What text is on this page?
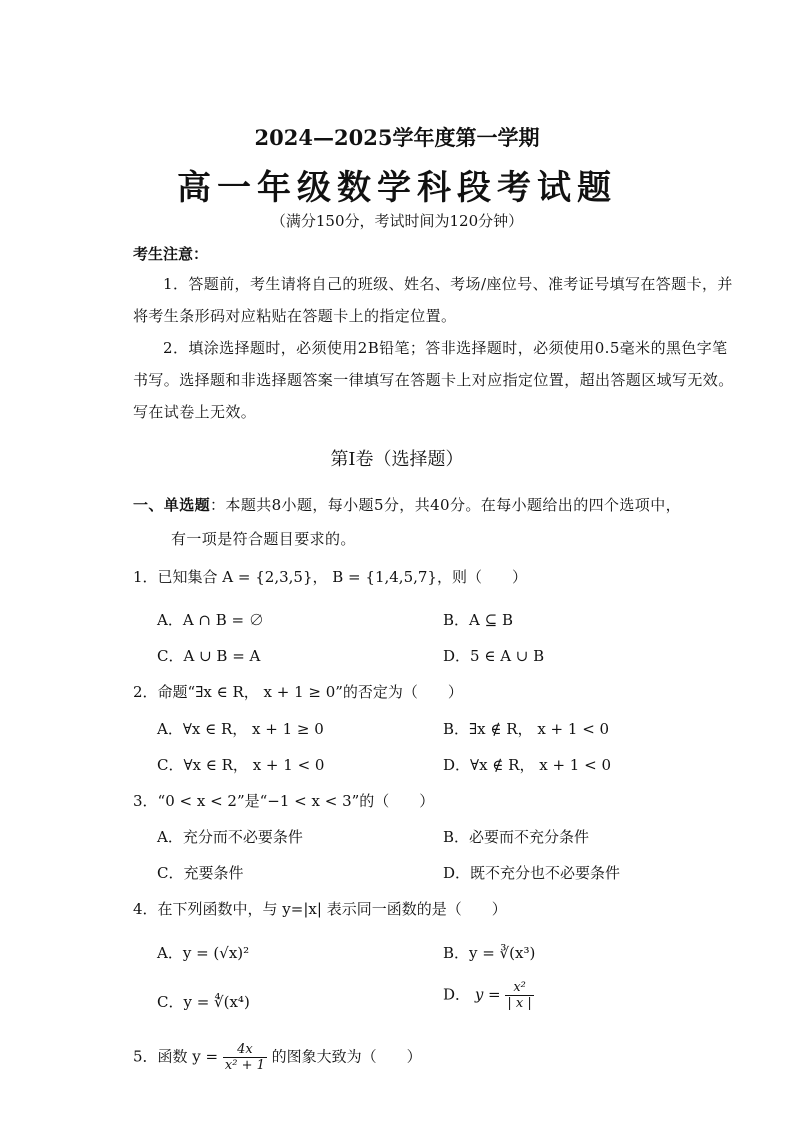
2024—2025学年度第一学期
高一年级数学科段考试题
（满分150分，考试时间为120分钟）
考生注意：
1．答题前，考生请将自己的班级、姓名、考场/座位号、准考证号填写在答题卡，并将考生条形码对应粘贴在答题卡上的指定位置。
2．填涂选择题时，必须使用2B铅笔；答非选择题时，必须使用0.5毫米的黑色字笔书写。选择题和非选择题答案一律填写在答题卡上对应指定位置，超出答题区域写无效。写在试卷上无效。
第Ⅰ卷（选择题）
一、单选题：本题共8小题，每小题5分，共40分。在每小题给出的四个选项中，
有一项是符合题目要求的。
1．已知集合 A = {2,3,5}， B = {1,4,5,7}，则（　　）
A．A ∩ B = ∅	B．A ⊆ B
C．A ∪ B = A	D．5 ∈ A ∪ B
2．命题“∃x ∈ R， x + 1 ≥ 0”的否定为（　　）
A．∀x ∈ R， x + 1 ≥ 0	B．∃x ∉ R， x + 1 < 0
C．∀x ∈ R， x + 1 < 0	D．∀x ∉ R， x + 1 < 0
3．“0 < x < 2”是“−1 < x < 3”的（　　）
A．充分而不必要条件	B．必要而不充分条件
C．充要条件	D．既不充分也不必要条件
4．在下列函数中，与 y=|x| 表示同一函数的是（　　）
A．y = (√x)²	B．y = ∛(x³)
C．y = ∜(x⁴)	D． $y = \frac{\text{x²}}{| x |}$
5．函数 $y = \frac{4x}{\text{x² + 1}}$ 的图象大致为（　　）
